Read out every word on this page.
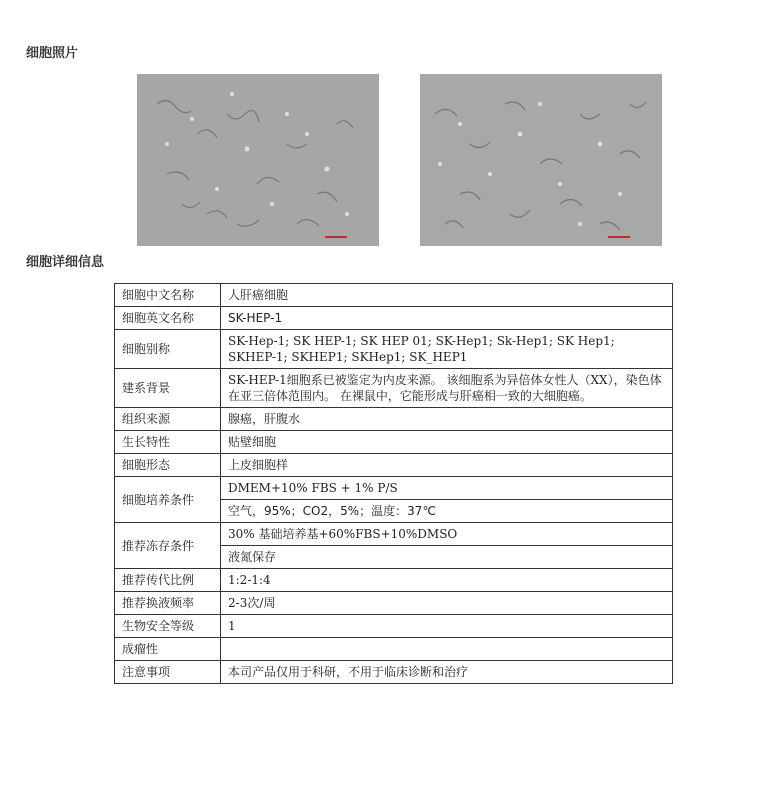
细胞照片
细胞详细信息
细胞中文名称	人肝癌细胞
细胞英文名称	SK-HEP-1
细胞别称	SK-Hep-1; SK HEP-1; SK HEP 01; SK-Hep1; Sk-Hep1; SK Hep1; SKHEP-1; SKHEP1; SKHep1; SK_HEP1
建系背景	SK-HEP-1细胞系已被鉴定为内皮来源。 该细胞系为异倍体女性人（XX），染色体在亚三倍体范围内。 在裸鼠中，它能形成与肝癌相一致的大细胞癌。
组织来源	腺癌，肝腹水
生长特性	贴壁细胞
细胞形态	上皮细胞样
细胞培养条件	DMEM+10% FBS + 1% P/S
	空气，95%；CO2，5%；温度：37℃
推荐冻存条件	30% 基础培养基+60%FBS+10%DMSO
	液氮保存
推荐传代比例	1:2-1:4
推荐换液频率	2-3次/周
生物安全等级	1
成瘤性	
注意事项	本司产品仅用于科研，不用于临床诊断和治疗
